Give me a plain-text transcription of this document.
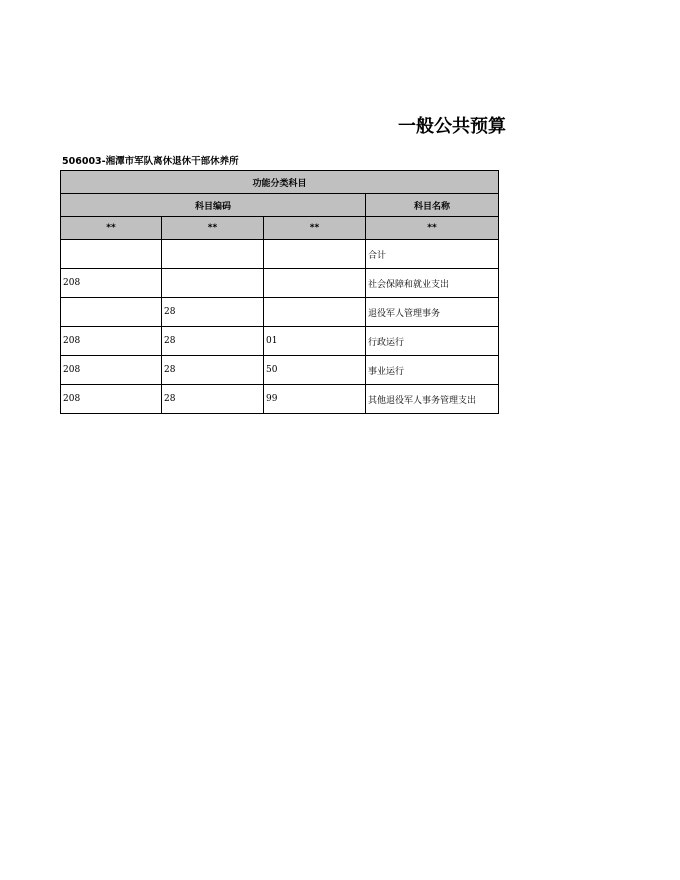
一般公共预算
506003-湘潭市军队离休退休干部休养所
功能分类科目			
科目编码			科目名称
**	**	**	**
			合计
208			社会保障和就业支出
	28		退役军人管理事务
208	28	01	行政运行
208	28	50	事业运行
208	28	99	其他退役军人事务管理支出
